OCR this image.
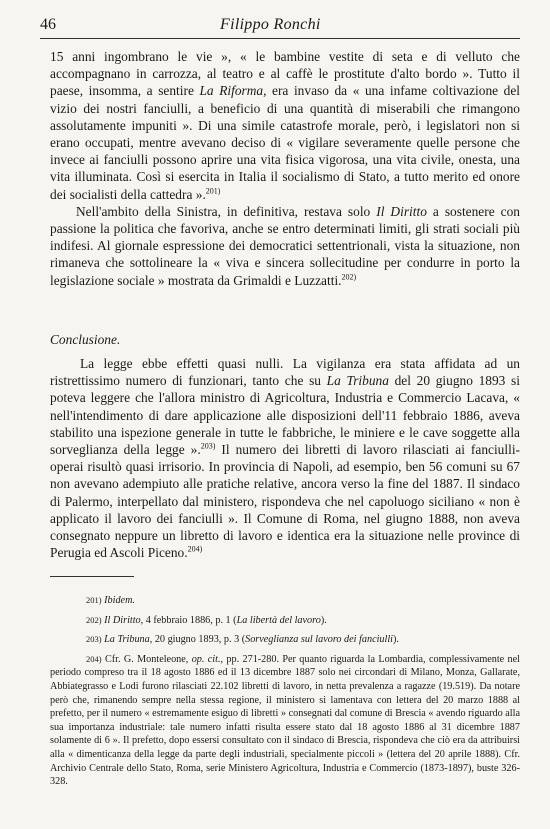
46	Filippo Ronchi

15 anni ingombrano le vie », « le bambine vestite di seta e di velluto che accompagnano in carrozza, al teatro e al caffè le prostitute d'alto bordo ». Tutto il paese, insomma, a sentire La Riforma, era invaso da « una infame coltivazione del vizio dei nostri fanciulli, a beneficio di una quantità di miserabili che rimangono assolutamente impuniti ». Di una simile catastrofe morale, però, i legislatori non si erano occupati, mentre avevano deciso di « vigilare severamente quelle persone che invece ai fanciulli possono aprire una vita fisica vigorosa, una vita civile, onesta, una vita illuminata. Così si esercita in Italia il socialismo di Stato, a tutto merito ed onore dei socialisti della cattedra ».$^{201)}$

Nell'ambito della Sinistra, in definitiva, restava solo Il Diritto a sostenere con passione la politica che favoriva, anche se entro determinati limiti, gli strati sociali più indifesi. Al giornale espressione dei democratici settentrionali, vista la situazione, non rimaneva che sottolineare la « viva e sincera sollecitudine per condurre in porto la legislazione sociale » mostrata da Grimaldi e Luzzatti.$^{202)}$

Conclusione.

La legge ebbe effetti quasi nulli. La vigilanza era stata affidata ad un ristrettissimo numero di funzionari, tanto che su La Tribuna del 20 giugno 1893 si poteva leggere che l'allora ministro di Agricoltura, Industria e Commercio Lacava, « nell'intendimento di dare applicazione alle disposizioni dell'11 febbraio 1886, aveva stabilito una ispezione generale in tutte le fabbriche, le miniere e le cave soggette alla sorveglianza della legge ».$^{203)}$ Il numero dei libretti di lavoro rilasciati ai fanciulli-operai risultò quasi irrisorio. In provincia di Napoli, ad esempio, ben 56 comuni su 67 non avevano adempiuto alle pratiche relative, ancora verso la fine del 1887. Il sindaco di Palermo, interpellato dal ministero, rispondeva che nel capoluogo siciliano « non è applicato il lavoro dei fanciulli ». Il Comune di Roma, nel giugno 1888, non aveva consegnato neppure un libretto di lavoro e identica era la situazione nelle province di Perugia ed Ascoli Piceno.$^{204)}$

201) Ibidem.

202) Il Diritto, 4 febbraio 1886, p. 1 (La libertà del lavoro).

203) La Tribuna, 20 giugno 1893, p. 3 (Sorveglianza sul lavoro dei fanciulli).

204) Cfr. G. Monteleone, op. cit., pp. 271-280. Per quanto riguarda la Lombardia, complessivamente nel periodo compreso tra il 18 agosto 1886 ed il 13 dicembre 1887 solo nei circondari di Milano, Monza, Gallarate, Abbiategrasso e Lodi furono rilasciati 22.102 libretti di lavoro, in netta prevalenza a ragazze (19.519). Da notare però che, rimanendo sempre nella stessa regione, il ministero si lamentava con lettera del 20 marzo 1888 al prefetto, per il numero « estremamente esiguo di libretti » consegnati dal comune di Brescia « avendo riguardo alla sua importanza industriale: tale numero infatti risulta essere stato dal 18 agosto 1886 al 31 dicembre 1887 solamente di 6 ». Il prefetto, dopo essersi consultato con il sindaco di Brescia, rispondeva che ciò era da attribuirsi alla « dimenticanza della legge da parte degli industriali, specialmente piccoli » (lettera del 20 aprile 1888). Cfr. Archivio Centrale dello Stato, Roma, serie Ministero Agricoltura, Industria e Commercio (1873-1897), buste 326-328.
